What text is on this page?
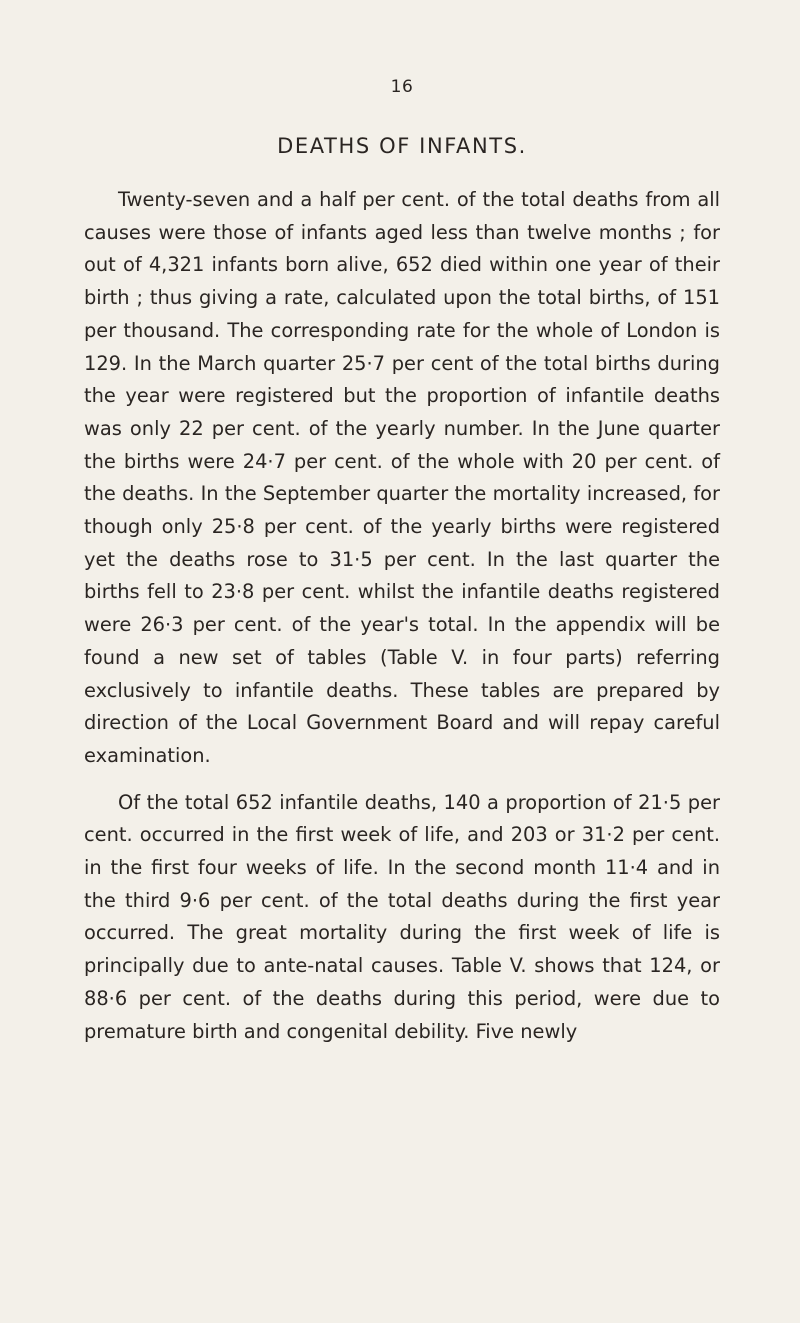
16
DEATHS OF INFANTS.

Twenty-seven and a half per cent. of the total deaths from all causes were those of infants aged less than twelve months ; for out of 4,321 infants born alive, 652 died within one year of their birth ; thus giving a rate, calculated upon the total births, of 151 per thousand. The corresponding rate for the whole of London is 129. In the March quarter 25·7 per cent of the total births during the year were registered but the proportion of infantile deaths was only 22 per cent. of the yearly number. In the June quarter the births were 24·7 per cent. of the whole with 20 per cent. of the deaths. In the September quarter the mortality increased, for though only 25·8 per cent. of the yearly births were registered yet the deaths rose to 31·5 per cent. In the last quarter the births fell to 23·8 per cent. whilst the infantile deaths registered were 26·3 per cent. of the year's total. In the appendix will be found a new set of tables (Table V. in four parts) referring exclusively to infantile deaths. These tables are prepared by direction of the Local Government Board and will repay careful examination.

Of the total 652 infantile deaths, 140 a proportion of 21·5 per cent. occurred in the first week of life, and 203 or 31·2 per cent. in the first four weeks of life. In the second month 11·4 and in the third 9·6 per cent. of the total deaths during the first year occurred. The great mortality during the first week of life is principally due to ante-natal causes. Table V. shows that 124, or 88·6 per cent. of the deaths during this period, were due to premature birth and congenital debility. Five newly
